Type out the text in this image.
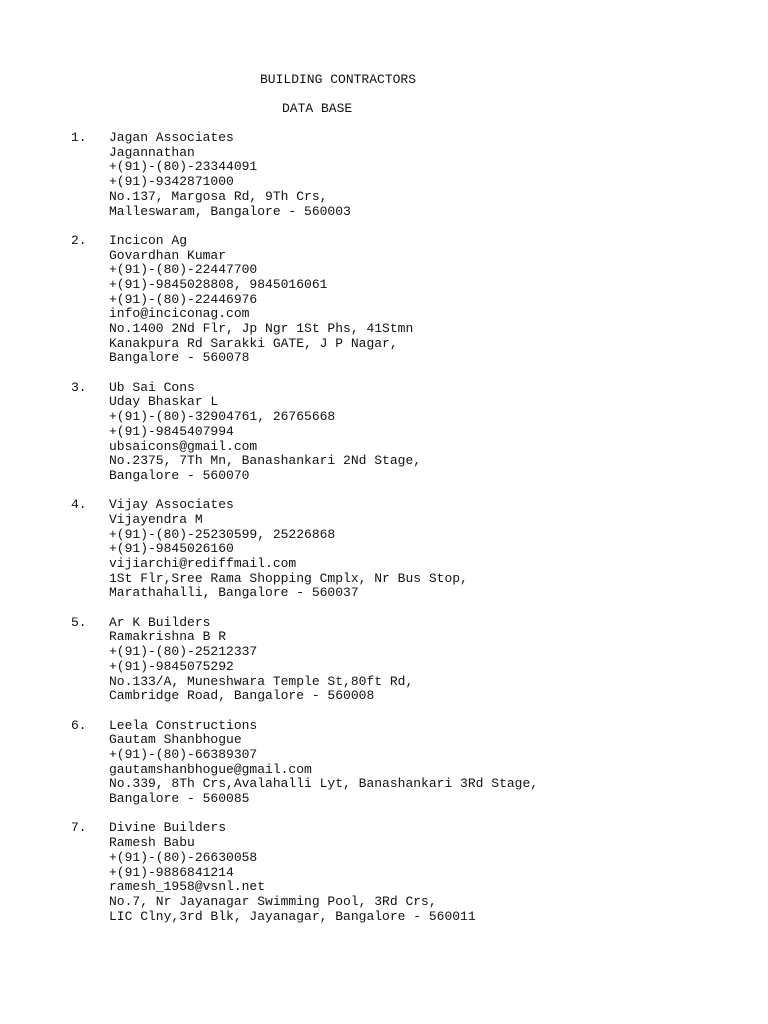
BUILDING CONTRACTORS
DATA BASE
1.	Jagan Associates
Jagannathan
+(91)-(80)-23344091
+(91)-9342871000
No.137, Margosa Rd, 9Th Crs,
Malleswaram, Bangalore - 560003
2.	Incicon Ag
Govardhan Kumar
+(91)-(80)-22447700
+(91)-9845028808, 9845016061
+(91)-(80)-22446976
info@inciconag.com
No.1400 2Nd Flr, Jp Ngr 1St Phs, 41Stmn
Kanakpura Rd Sarakki GATE, J P Nagar,
Bangalore - 560078
3.	Ub Sai Cons
Uday Bhaskar L
+(91)-(80)-32904761, 26765668
+(91)-9845407994
ubsaicons@gmail.com
No.2375, 7Th Mn, Banashankari 2Nd Stage,
Bangalore - 560070
4.	Vijay Associates
Vijayendra M
+(91)-(80)-25230599, 25226868
+(91)-9845026160
vijiarchi@rediffmail.com
1St Flr,Sree Rama Shopping Cmplx, Nr Bus Stop,
Marathahalli, Bangalore - 560037
5.	Ar K Builders
Ramakrishna B R
+(91)-(80)-25212337
+(91)-9845075292
No.133/A, Muneshwara Temple St,80ft Rd,
Cambridge Road, Bangalore - 560008
6.	Leela Constructions
Gautam Shanbhogue
+(91)-(80)-66389307
gautamshanbhogue@gmail.com
No.339, 8Th Crs,Avalahalli Lyt, Banashankari 3Rd Stage,
Bangalore - 560085
7.	Divine Builders
Ramesh Babu
+(91)-(80)-26630058
+(91)-9886841214
ramesh_1958@vsnl.net
No.7, Nr Jayanagar Swimming Pool, 3Rd Crs,
LIC Clny,3rd Blk, Jayanagar, Bangalore - 560011
